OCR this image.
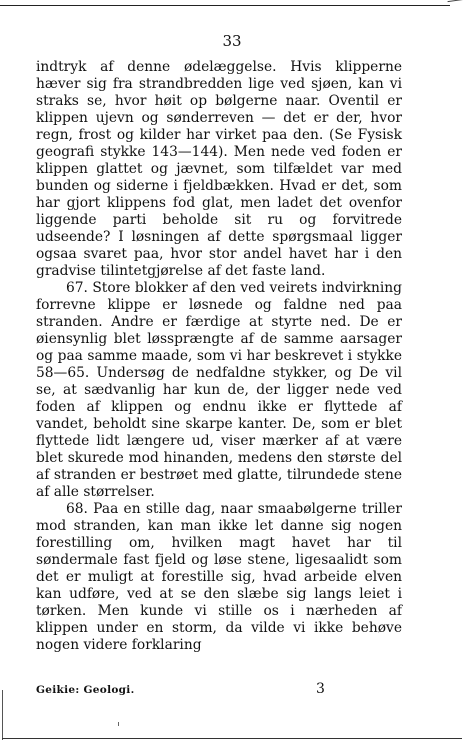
33

indtryk af denne ødelæggelse. Hvis klipperne hæver sig fra strandbredden lige ved sjøen, kan vi straks se, hvor høit op bølgerne naar. Oventil er klippen ujevn og sønderreven — det er der, hvor regn, frost og kilder har virket paa den. (Se Fysisk geografi stykke 143—144). Men nede ved foden er klippen glattet og jævnet, som tilfældet var med bunden og siderne i fjeldbækken. Hvad er det, som har gjort klippens fod glat, men ladet det ovenfor liggende parti beholde sit ru og forvitrede udseende? I løsningen af dette spørgsmaal ligger ogsaa svaret paa, hvor stor andel havet har i den gradvise tilintetgjørelse af det faste land.

67. Store blokker af den ved veirets indvirkning forrevne klippe er løsnede og faldne ned paa stranden. Andre er færdige at styrte ned. De er øiensynlig blet løssprængte af de samme aarsager og paa samme maade, som vi har beskrevet i stykke 58—65. Undersøg de nedfaldne stykker, og De vil se, at sædvanlig har kun de, der ligger nede ved foden af klippen og endnu ikke er flyttede af vandet, beholdt sine skarpe kanter. De, som er blet flyttede lidt længere ud, viser mærker af at være blet skurede mod hinanden, medens den største del af stranden er bestrøet med glatte, tilrundede stene af alle størrelser.

68. Paa en stille dag, naar smaabølgerne triller mod stranden, kan man ikke let danne sig nogen forestilling om, hvilken magt havet har til søndermale fast fjeld og løse stene, ligesaalidt som det er muligt at forestille sig, hvad arbeide elven kan udføre, ved at se den slæbe sig langs leiet i tørken. Men kunde vi stille os i nærheden af klippen under en storm, da vilde vi ikke behøve nogen videre forklaring

Geikie: Geologi.	3
